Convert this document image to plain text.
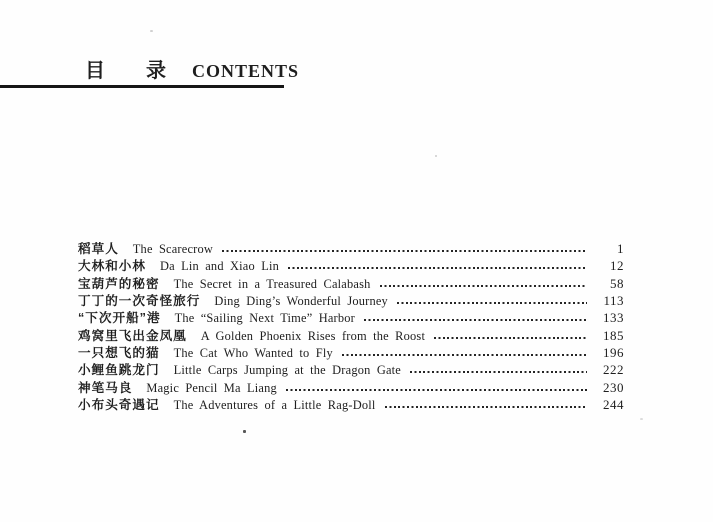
目 录 CONTENTS
稻草人 The Scarecrow	1
大林和小林 Da Lin and Xiao Lin	12
宝葫芦的秘密 The Secret in a Treasured Calabash	58
丁丁的一次奇怪旅行 Ding Ding’s Wonderful Journey	113
“下次开船”港 The “Sailing Next Time” Harbor	133
鸡窝里飞出金凤凰 A Golden Phoenix Rises from the Roost	185
一只想飞的猫 The Cat Who Wanted to Fly	196
小鲤鱼跳龙门 Little Carps Jumping at the Dragon Gate	222
神笔马良 Magic Pencil Ma Liang	230
小布头奇遇记 The Adventures of a Little Rag-Doll	244
